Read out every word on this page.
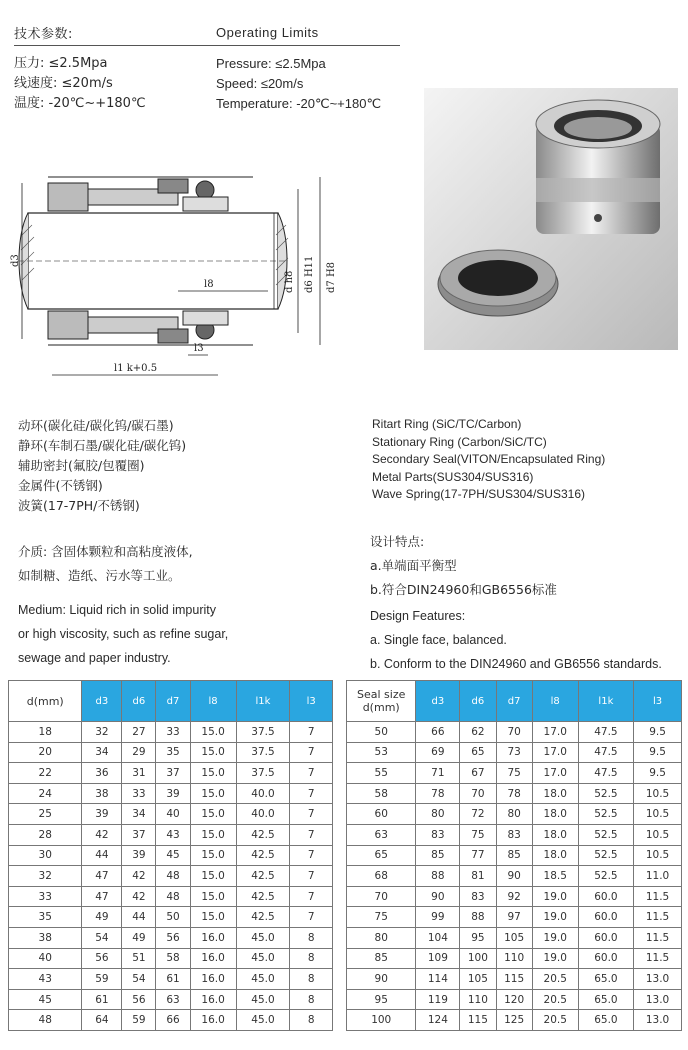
技术参数:	Operating Limits
压力: ≤2.5Mpa
线速度: ≤20m/s
温度: -20℃~+180℃
Pressure: ≤2.5Mpa
Speed: ≤20m/s
Temperature: -20℃~+180℃
d3
d h8 d6 H11 d7 H8
l8
l3
l1 k+0.5
动环(碳化硅/碳化钨/碳石墨)
静环(车制石墨/碳化硅/碳化钨)
辅助密封(氟胶/包覆圈)
金属件(不锈钢)
波簧(17-7PH/不锈钢)
Ritart Ring (SiC/TC/Carbon)
Stationary Ring (Carbon/SiC/TC)
Secondary Seal(VITON/Encapsulated Ring)
Metal Parts(SUS304/SUS316)
Wave Spring(17-7PH/SUS304/SUS316)
介质: 含固体颗粒和高粘度液体,
如制糖、造纸、污水等工业。
Medium: Liquid rich in solid impurity
or high viscosity, such as refine sugar,
sewage and paper industry.
设计特点:
a.单端面平衡型
b.符合DIN24960和GB6556标准
Design Features:
a. Single face, balanced.
b. Conform to the DIN24960 and GB6556 standards.
d(mm)	d3	d6	d7	l8	l1k	l3
18	32	27	33	15.0	37.5	7
20	34	29	35	15.0	37.5	7
22	36	31	37	15.0	37.5	7
24	38	33	39	15.0	40.0	7
25	39	34	40	15.0	40.0	7
28	42	37	43	15.0	42.5	7
30	44	39	45	15.0	42.5	7
32	47	42	48	15.0	42.5	7
33	47	42	48	15.0	42.5	7
35	49	44	50	15.0	42.5	7
38	54	49	56	16.0	45.0	8
40	56	51	58	16.0	45.0	8
43	59	54	61	16.0	45.0	8
45	61	56	63	16.0	45.0	8
48	64	59	66	16.0	45.0	8
Seal size d(mm)	d3	d6	d7	l8	l1k	l3
50	66	62	70	17.0	47.5	9.5
53	69	65	73	17.0	47.5	9.5
55	71	67	75	17.0	47.5	9.5
58	78	70	78	18.0	52.5	10.5
60	80	72	80	18.0	52.5	10.5
63	83	75	83	18.0	52.5	10.5
65	85	77	85	18.0	52.5	10.5
68	88	81	90	18.5	52.5	11.0
70	90	83	92	19.0	60.0	11.5
75	99	88	97	19.0	60.0	11.5
80	104	95	105	19.0	60.0	11.5
85	109	100	110	19.0	60.0	11.5
90	114	105	115	20.5	65.0	13.0
95	119	110	120	20.5	65.0	13.0
100	124	115	125	20.5	65.0	13.0
